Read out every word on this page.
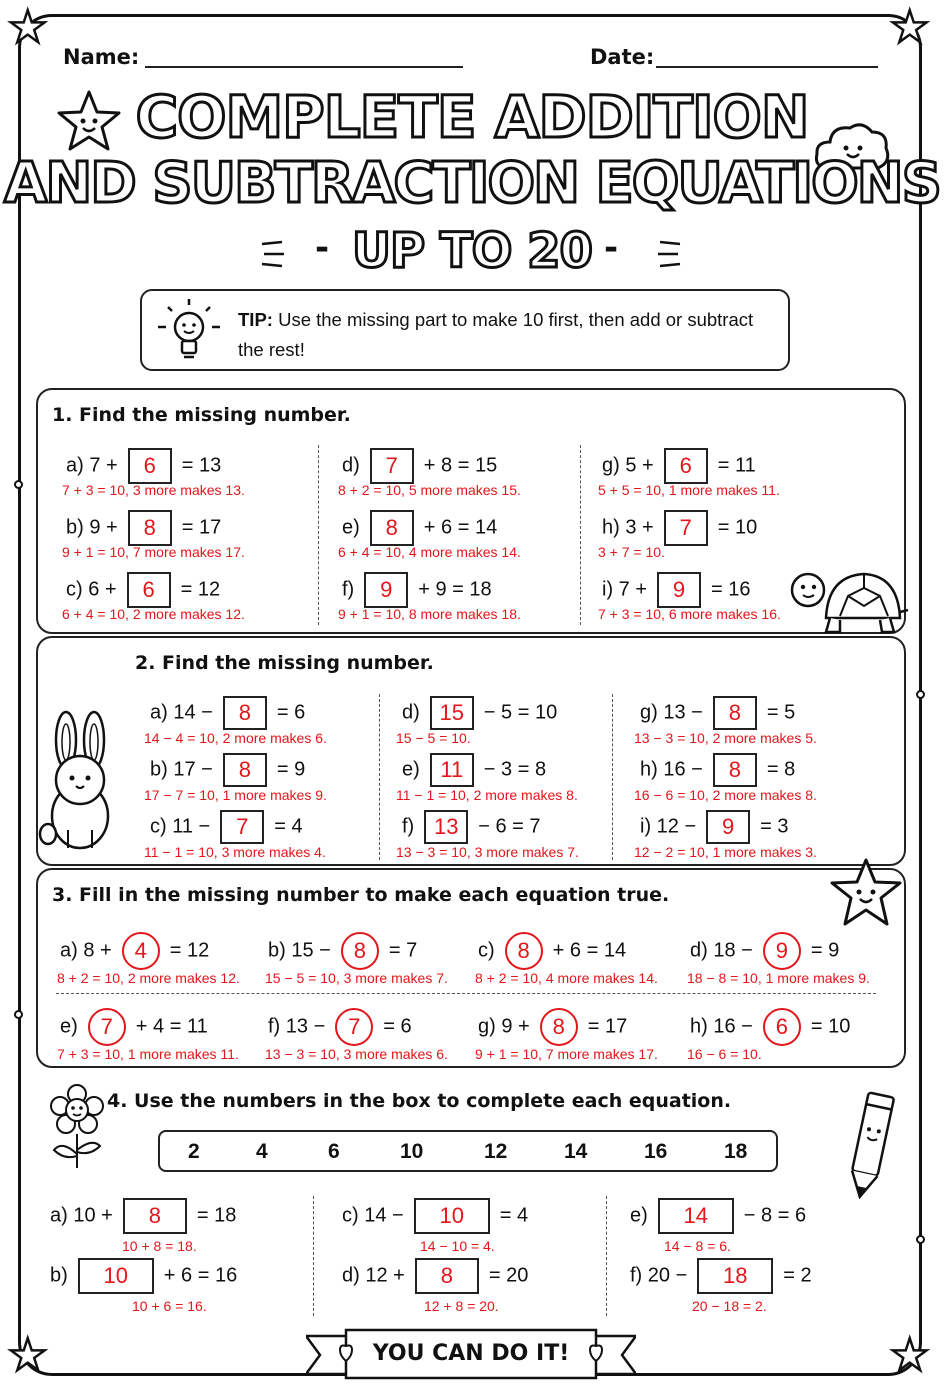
★	★
★	★
Name:	Date:
COMPLETE ADDITION
AND SUBTRACTION EQUATIONS
UP TO 20
-	-
TIP: Use the missing part to make 10 first, then add or subtract the rest!
a) 7 + 6 = 13
7 + 3 = 10, 3 more makes 13.
b) 9 + 8 = 17
9 + 1 = 10, 7 more makes 17.
c) 6 + 6 = 12
6 + 4 = 10, 2 more makes 12.
d) 7 + 8 = 15
8 + 2 = 10, 5 more makes 15.
e) 8 + 6 = 14
6 + 4 = 10, 4 more makes 14.
f) 9 + 9 = 18
9 + 1 = 10, 8 more makes 18.
g) 5 + 6 = 11
5 + 5 = 10, 1 more makes 11.
h) 3 + 7 = 10
3 + 7 = 10.
i) 7 + 9 = 16
7 + 3 = 10, 6 more makes 16.
a) 14 − 8 = 6
14 − 4 = 10, 2 more makes 6.
b) 17 − 8 = 9
17 − 7 = 10, 1 more makes 9.
c) 11 − 7 = 4
11 − 1 = 10, 3 more makes 4.
d) 15 − 5 = 10
15 − 5 = 10.
e) 11 − 3 = 8
11 − 1 = 10, 2 more makes 8.
f) 13 − 6 = 7
13 − 3 = 10, 3 more makes 7.
g) 13 − 8 = 5
13 − 3 = 10, 2 more makes 5.
h) 16 − 8 = 8
16 − 6 = 10, 2 more makes 8.
i) 12 − 9 = 3
12 − 2 = 10, 1 more makes 3.
a) 8 + 4 = 12
8 + 2 = 10, 2 more makes 12.
b) 15 − 8 = 7
15 − 5 = 10, 3 more makes 7.
c) 8 + 6 = 14
8 + 2 = 10, 4 more makes 14.
d) 18 − 9 = 9
18 − 8 = 10, 1 more makes 9.
e) 7 + 4 = 11
7 + 3 = 10, 1 more makes 11.
f) 13 − 7 = 6
13 − 3 = 10, 3 more makes 6.
g) 9 + 8 = 17
9 + 1 = 10, 7 more makes 17.
h) 16 − 6 = 10
16 − 6 = 10.
a) 10 + 8 = 18
10 + 8 = 18.
b) 10 + 6 = 16
10 + 6 = 16.
c) 14 − 10 = 4
14 − 10 = 4.
d) 12 + 8 = 20
12 + 8 = 20.
e) 14 − 8 = 6
14 − 8 = 6.
f) 20 − 18 = 2
20 − 18 = 2.
1. Find the missing number.
2. Find the missing number.
3. Fill in the missing number to make each equation true.
4. Use the numbers in the box to complete each equation.
2	4	6	10	12	14	16	18
YOU CAN DO IT!
